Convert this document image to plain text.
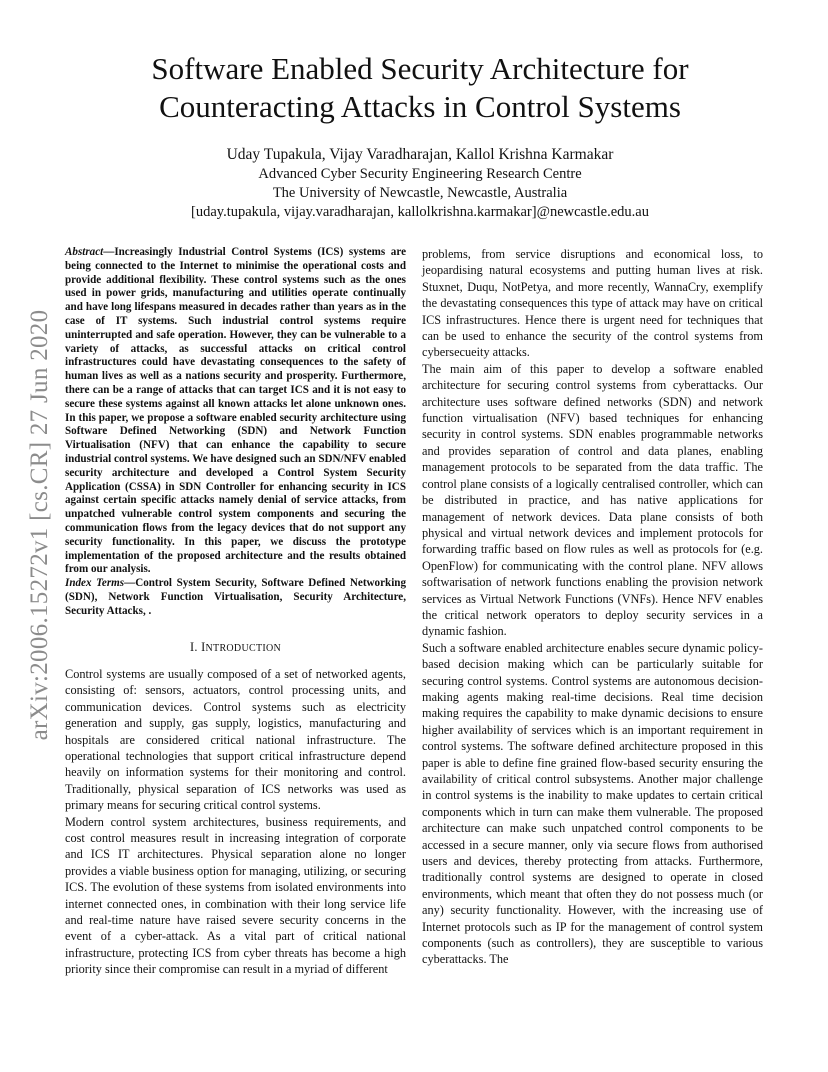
arXiv:2006.15272v1 [cs.CR] 27 Jun 2020
Software Enabled Security Architecture for
Counteracting Attacks in Control Systems
Uday Tupakula, Vijay Varadharajan, Kallol Krishna Karmakar
Advanced Cyber Security Engineering Research Centre
The University of Newcastle, Newcastle, Australia
[uday.tupakula, vijay.varadharajan, kallolkrishna.karmakar]@newcastle.edu.au

Abstract—Increasingly Industrial Control Systems (ICS) systems are being connected to the Internet to minimise the operational costs and provide additional flexibility. These control systems such as the ones used in power grids, manufacturing and utilities operate continually and have long lifespans measured in decades rather than years as in the case of IT systems. Such industrial control systems require uninterrupted and safe operation. However, they can be vulnerable to a variety of attacks, as successful attacks on critical control infrastructures could have devastating consequences to the safety of human lives as well as a nations security and prosperity. Furthermore, there can be a range of attacks that can target ICS and it is not easy to secure these systems against all known attacks let alone unknown ones. In this paper, we propose a software enabled security architecture using Software Defined Networking (SDN) and Network Function Virtualisation (NFV) that can enhance the capability to secure industrial control systems. We have designed such an SDN/NFV enabled security architecture and developed a Control System Security Application (CSSA) in SDN Controller for enhancing security in ICS against certain specific attacks namely denial of service attacks, from unpatched vulnerable control system components and securing the communication flows from the legacy devices that do not support any security functionality. In this paper, we discuss the prototype implementation of the proposed architecture and the results obtained from our analysis.

Index Terms—Control System Security, Software Defined Networking (SDN), Network Function Virtualisation, Security Architecture, Security Attacks, .

I. INTRODUCTION

Control systems are usually composed of a set of networked agents, consisting of: sensors, actuators, control processing units, and communication devices. Control systems such as electricity generation and supply, gas supply, logistics, manufacturing and hospitals are considered critical national infrastructure. The operational technologies that support critical infrastructure depend heavily on information systems for their monitoring and control. Traditionally, physical separation of ICS networks was used as primary means for securing critical control systems.

Modern control system architectures, business requirements, and cost control measures result in increasing integration of corporate and ICS IT architectures. Physical separation alone no longer provides a viable business option for managing, utilizing, or securing ICS. The evolution of these systems from isolated environments into internet connected ones, in combination with their long service life and real-time nature have raised severe security concerns in the event of a cyber-attack. As a vital part of critical national infrastructure, protecting ICS from cyber threats has become a high priority since their compromise can result in a myriad of different

problems, from service disruptions and economical loss, to jeopardising natural ecosystems and putting human lives at risk. Stuxnet, Duqu, NotPetya, and more recently, WannaCry, exemplify the devastating consequences this type of attack may have on critical ICS infrastructures. Hence there is urgent need for techniques that can be used to enhance the security of the control systems from cybersecueity attacks.

The main aim of this paper to develop a software enabled architecture for securing control systems from cyberattacks. Our architecture uses software defined networks (SDN) and network function virtualisation (NFV) based techniques for enhancing security in control systems. SDN enables programmable networks and provides separation of control and data planes, enabling management protocols to be separated from the data traffic. The control plane consists of a logically centralised controller, which can be distributed in practice, and has native applications for management of network devices. Data plane consists of both physical and virtual network devices and implement protocols for forwarding traffic based on flow rules as well as protocols for (e.g. OpenFlow) for communicating with the control plane. NFV allows softwarisation of network functions enabling the provision network services as Virtual Network Functions (VNFs). Hence NFV enables the critical network operators to deploy security services in a dynamic fashion.

Such a software enabled architecture enables secure dynamic policy-based decision making which can be particularly suitable for securing control systems. Control systems are autonomous decision-making agents making real-time decisions. Real time decision making requires the capability to make dynamic decisions to ensure higher availability of services which is an important requirement in control systems. The software defined architecture proposed in this paper is able to define fine grained flow-based security ensuring the availability of critical control subsystems. Another major challenge in control systems is the inability to make updates to certain critical components which in turn can make them vulnerable. The proposed architecture can make such unpatched control components to be accessed in a secure manner, only via secure flows from authorised users and devices, thereby protecting from attacks. Furthermore, traditionally control systems are designed to operate in closed environments, which meant that often they do not possess much (or any) security functionality. However, with the increasing use of Internet protocols such as IP for the management of control system components (such as controllers), they are susceptible to various cyberattacks. The
